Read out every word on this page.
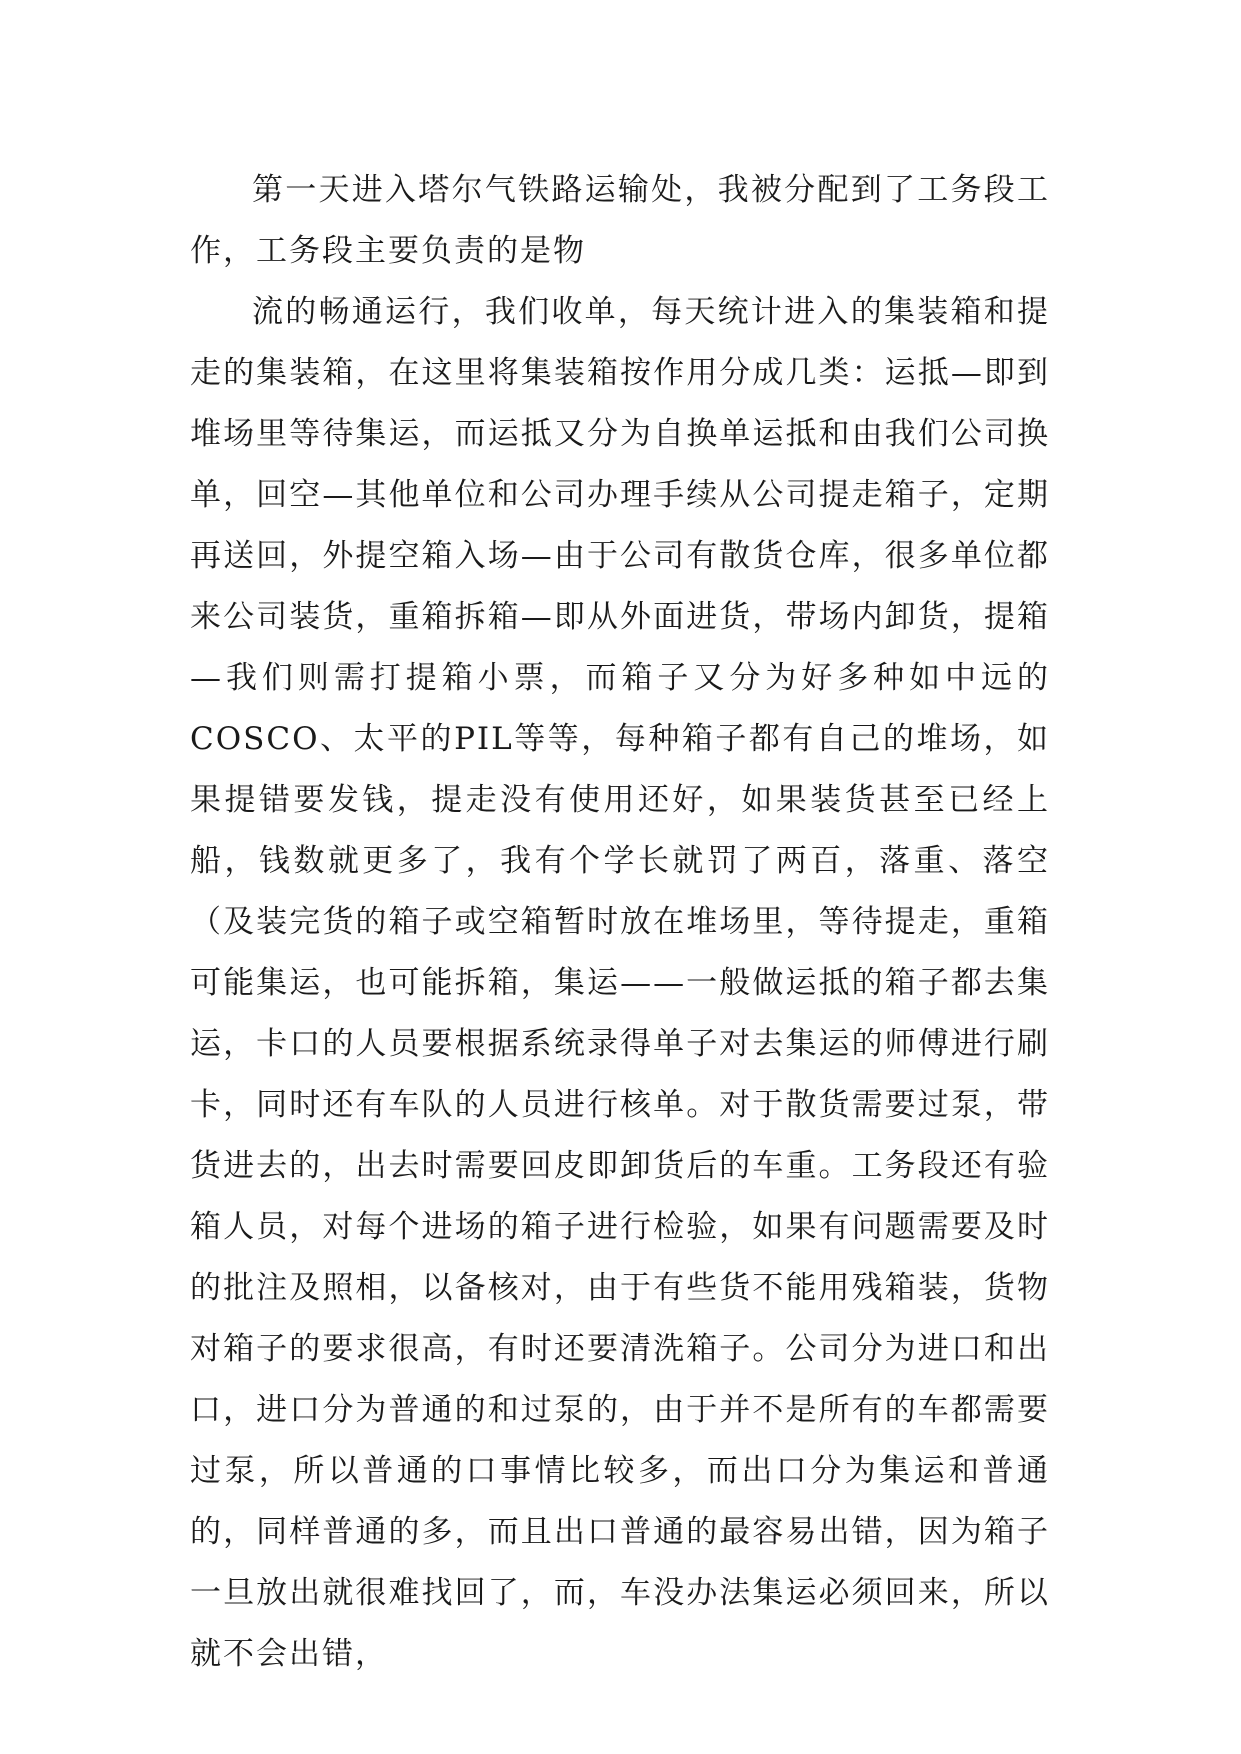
第一天进入塔尔气铁路运输处，我被分配到了工务段工作，工务段主要负责的是物

流的畅通运行，我们收单，每天统计进入的集装箱和提走的集装箱，在这里将集装箱按作用分成几类：运抵—即到堆场里等待集运，而运抵又分为自换单运抵和由我们公司换单，回空—其他单位和公司办理手续从公司提走箱子，定期再送回，外提空箱入场—由于公司有散货仓库，很多单位都来公司装货，重箱拆箱—即从外面进货，带场内卸货，提箱—我们则需打提箱小票，而箱子又分为好多种如中远的COSCO、太平的PIL等等，每种箱子都有自己的堆场，如果提错要发钱，提走没有使用还好，如果装货甚至已经上船，钱数就更多了，我有个学长就罚了两百，落重、落空（及装完货的箱子或空箱暂时放在堆场里，等待提走，重箱可能集运，也可能拆箱，集运——一般做运抵的箱子都去集运，卡口的人员要根据系统录得单子对去集运的师傅进行刷卡，同时还有车队的人员进行核单。对于散货需要过泵，带货进去的，出去时需要回皮即卸货后的车重。工务段还有验箱人员，对每个进场的箱子进行检验，如果有问题需要及时的批注及照相，以备核对，由于有些货不能用残箱装，货物对箱子的要求很高，有时还要清洗箱子。公司分为进口和出口，进口分为普通的和过泵的，由于并不是所有的车都需要过泵，所以普通的口事情比较多，而出口分为集运和普通的，同样普通的多，而且出口普通的最容易出错，因为箱子一旦放出就很难找回了，而，车没办法集运必须回来，所以就不会出错，
